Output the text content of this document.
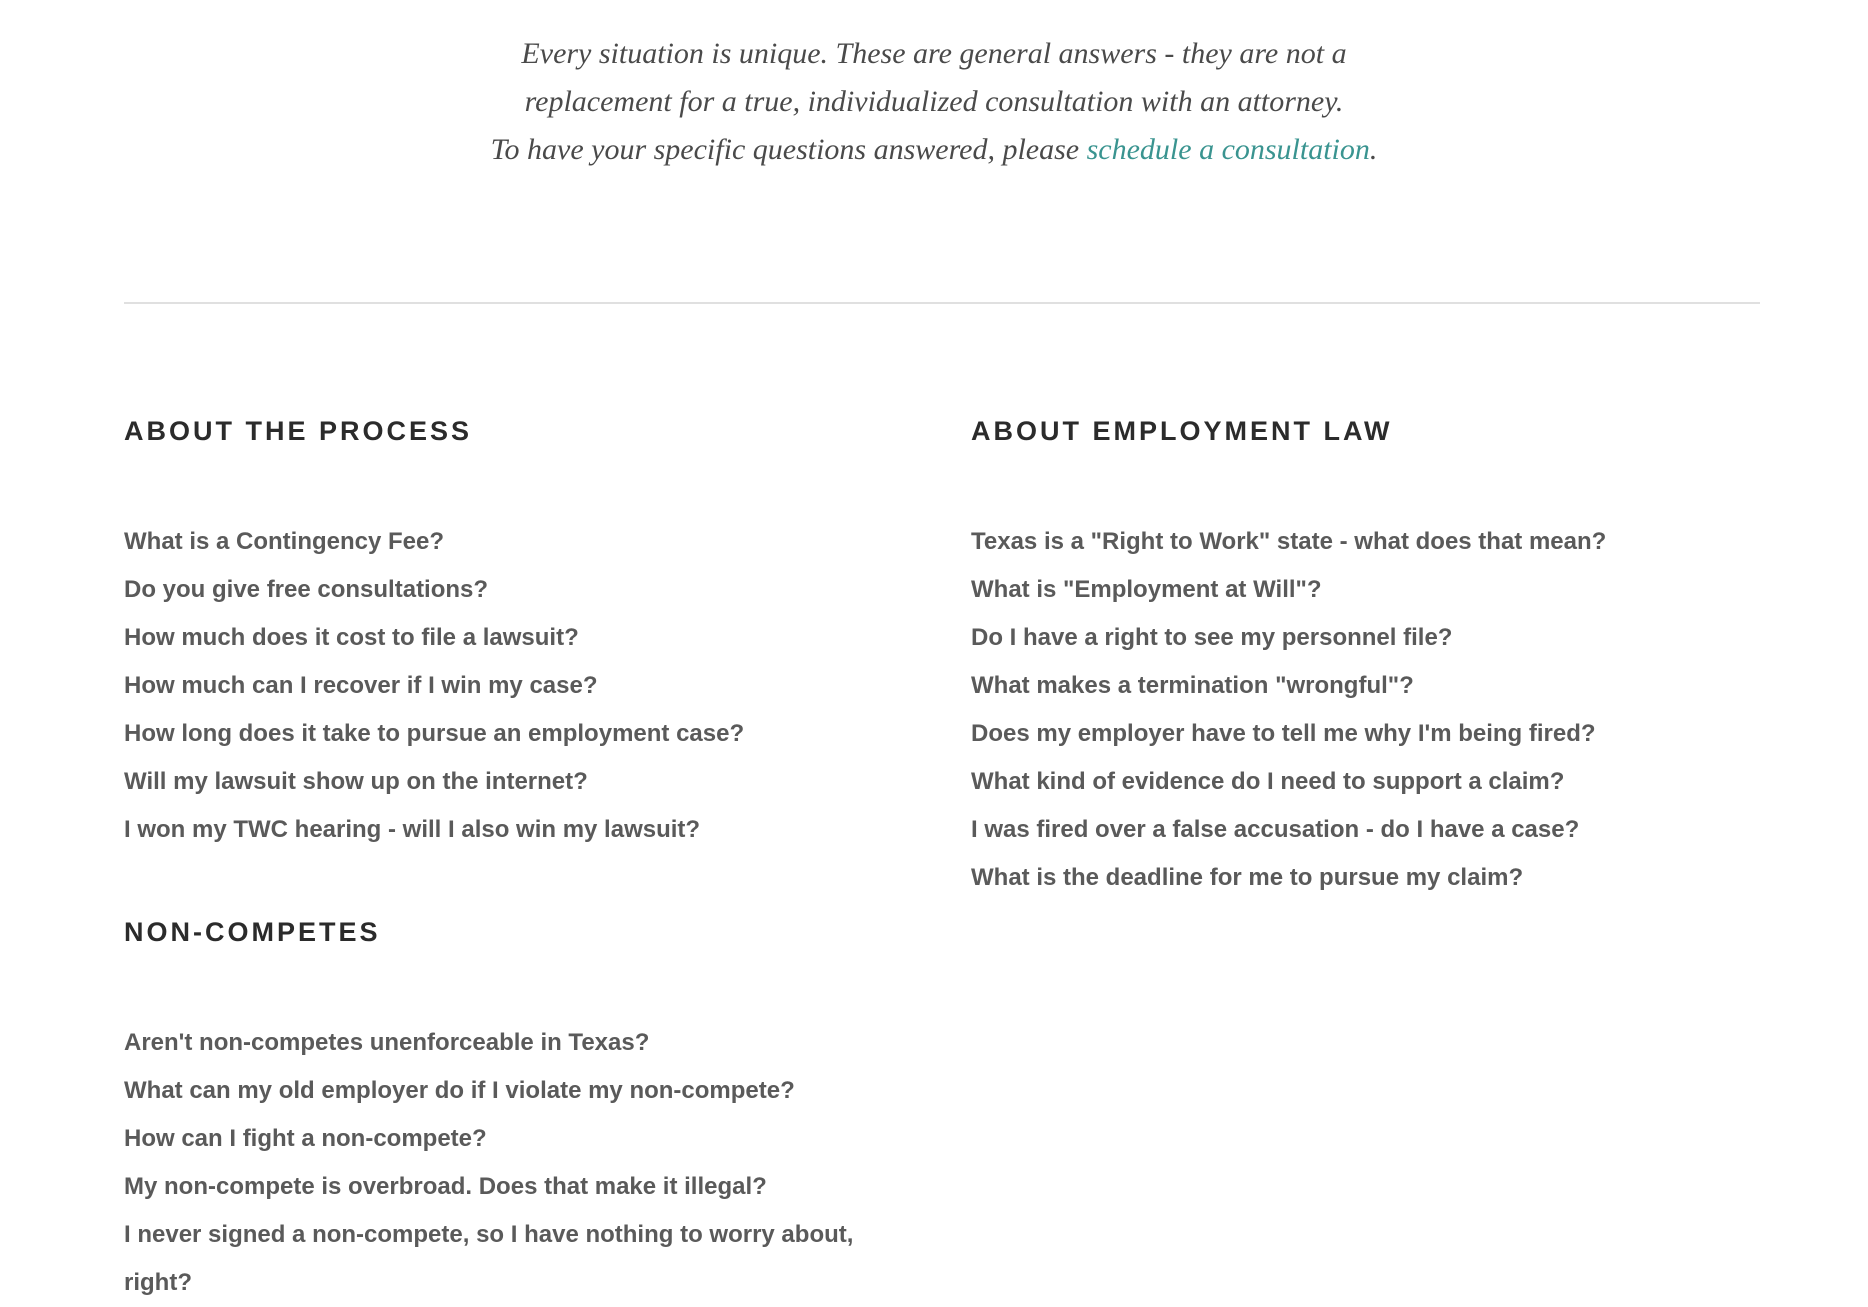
Every situation is unique. These are general answers - they are not a
replacement for a true, individualized consultation with an attorney.
To have your specific questions answered, please schedule a consultation.
ABOUT THE PROCESS
What is a Contingency Fee?
Do you give free consultations?
How much does it cost to file a lawsuit?
How much can I recover if I win my case?
How long does it take to pursue an employment case?
Will my lawsuit show up on the internet?
I won my TWC hearing - will I also win my lawsuit?
NON-COMPETES
Aren't non-competes unenforceable in Texas?
What can my old employer do if I violate my non-compete?
How can I fight a non-compete?
My non-compete is overbroad. Does that make it illegal?
I never signed a non-compete, so I have nothing to worry about, right?
ABOUT EMPLOYMENT LAW
Texas is a "Right to Work" state - what does that mean?
What is "Employment at Will"?
Do I have a right to see my personnel file?
What makes a termination "wrongful"?
Does my employer have to tell me why I'm being fired?
What kind of evidence do I need to support a claim?
I was fired over a false accusation - do I have a case?
What is the deadline for me to pursue my claim?
